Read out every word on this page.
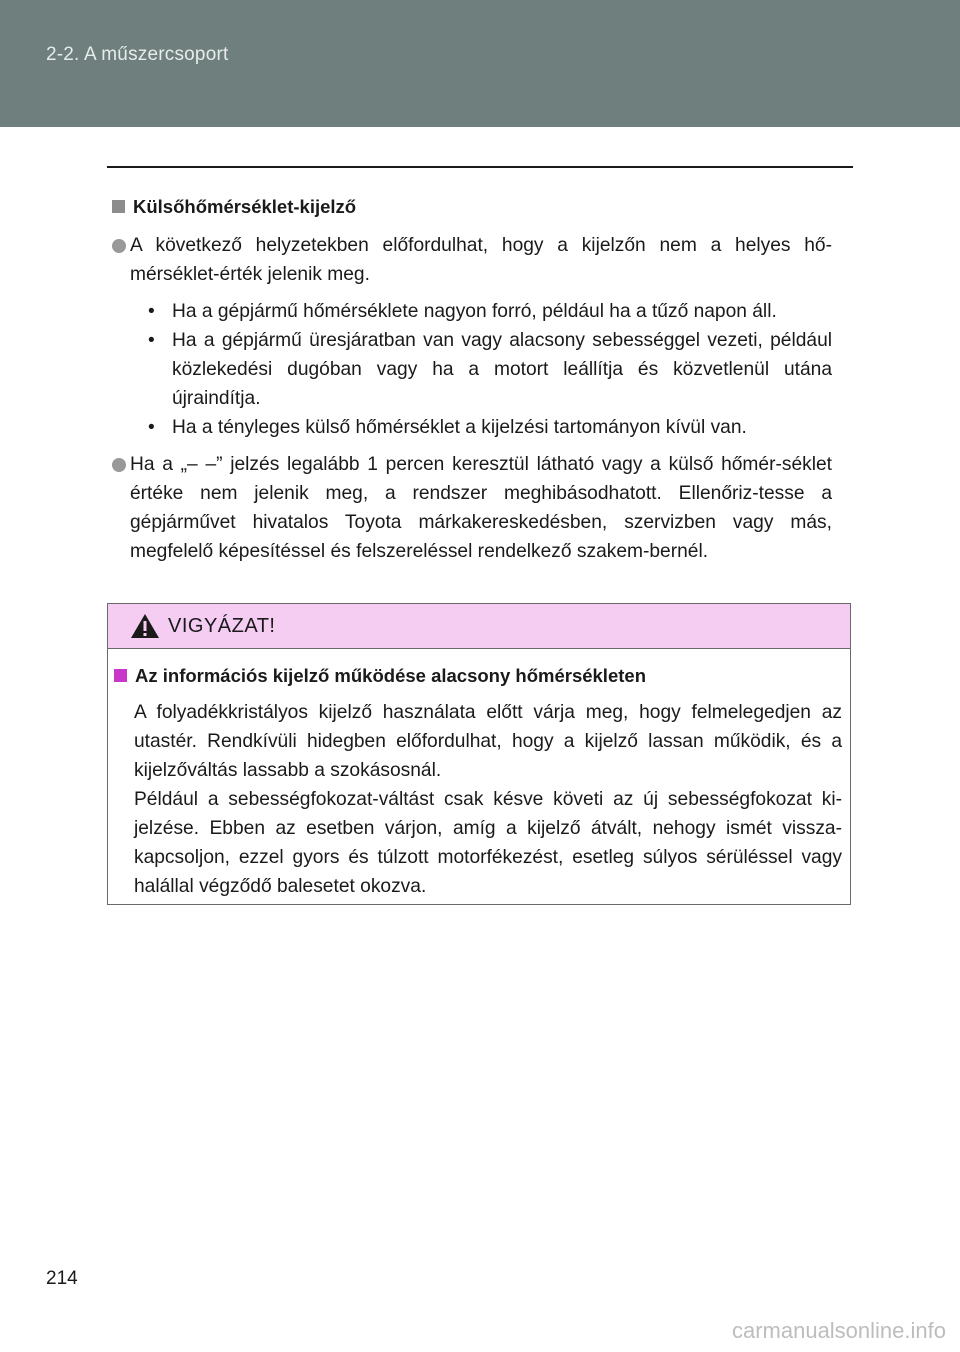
2-2. A műszercsoport
Külsőhőmérséklet-kijelző
A következő helyzetekben előfordulhat, hogy a kijelzőn nem a helyes hő-mérséklet-érték jelenik meg.
• Ha a gépjármű hőmérséklete nagyon forró, például ha a tűző napon áll.
• Ha a gépjármű üresjáratban van vagy alacsony sebességgel vezeti, például közlekedési dugóban vagy ha a motort leállítja és közvetlenül utána újraindítja.
• Ha a tényleges külső hőmérséklet a kijelzési tartományon kívül van.
Ha a „– –” jelzés legalább 1 percen keresztül látható vagy a külső hőmér-séklet értéke nem jelenik meg, a rendszer meghibásodhatott. Ellenőriz-tesse a gépjárművet hivatalos Toyota márkakereskedésben, szervizben vagy más, megfelelő képesítéssel és felszereléssel rendelkező szakem-bernél.
VIGYÁZAT!
Az információs kijelző működése alacsony hőmérsékleten
A folyadékkristályos kijelző használata előtt várja meg, hogy felmelegedjen az utastér. Rendkívüli hidegben előfordulhat, hogy a kijelző lassan működik, és a kijelzőváltás lassabb a szokásosnál.
Például a sebességfokozat-váltást csak késve követi az új sebességfokozat ki-jelzése. Ebben az esetben várjon, amíg a kijelző átvált, nehogy ismét vissza-kapcsoljon, ezzel gyors és túlzott motorfékezést, esetleg súlyos sérüléssel vagy halállal végződő balesetet okozva.
214
carmanualsonline.info
